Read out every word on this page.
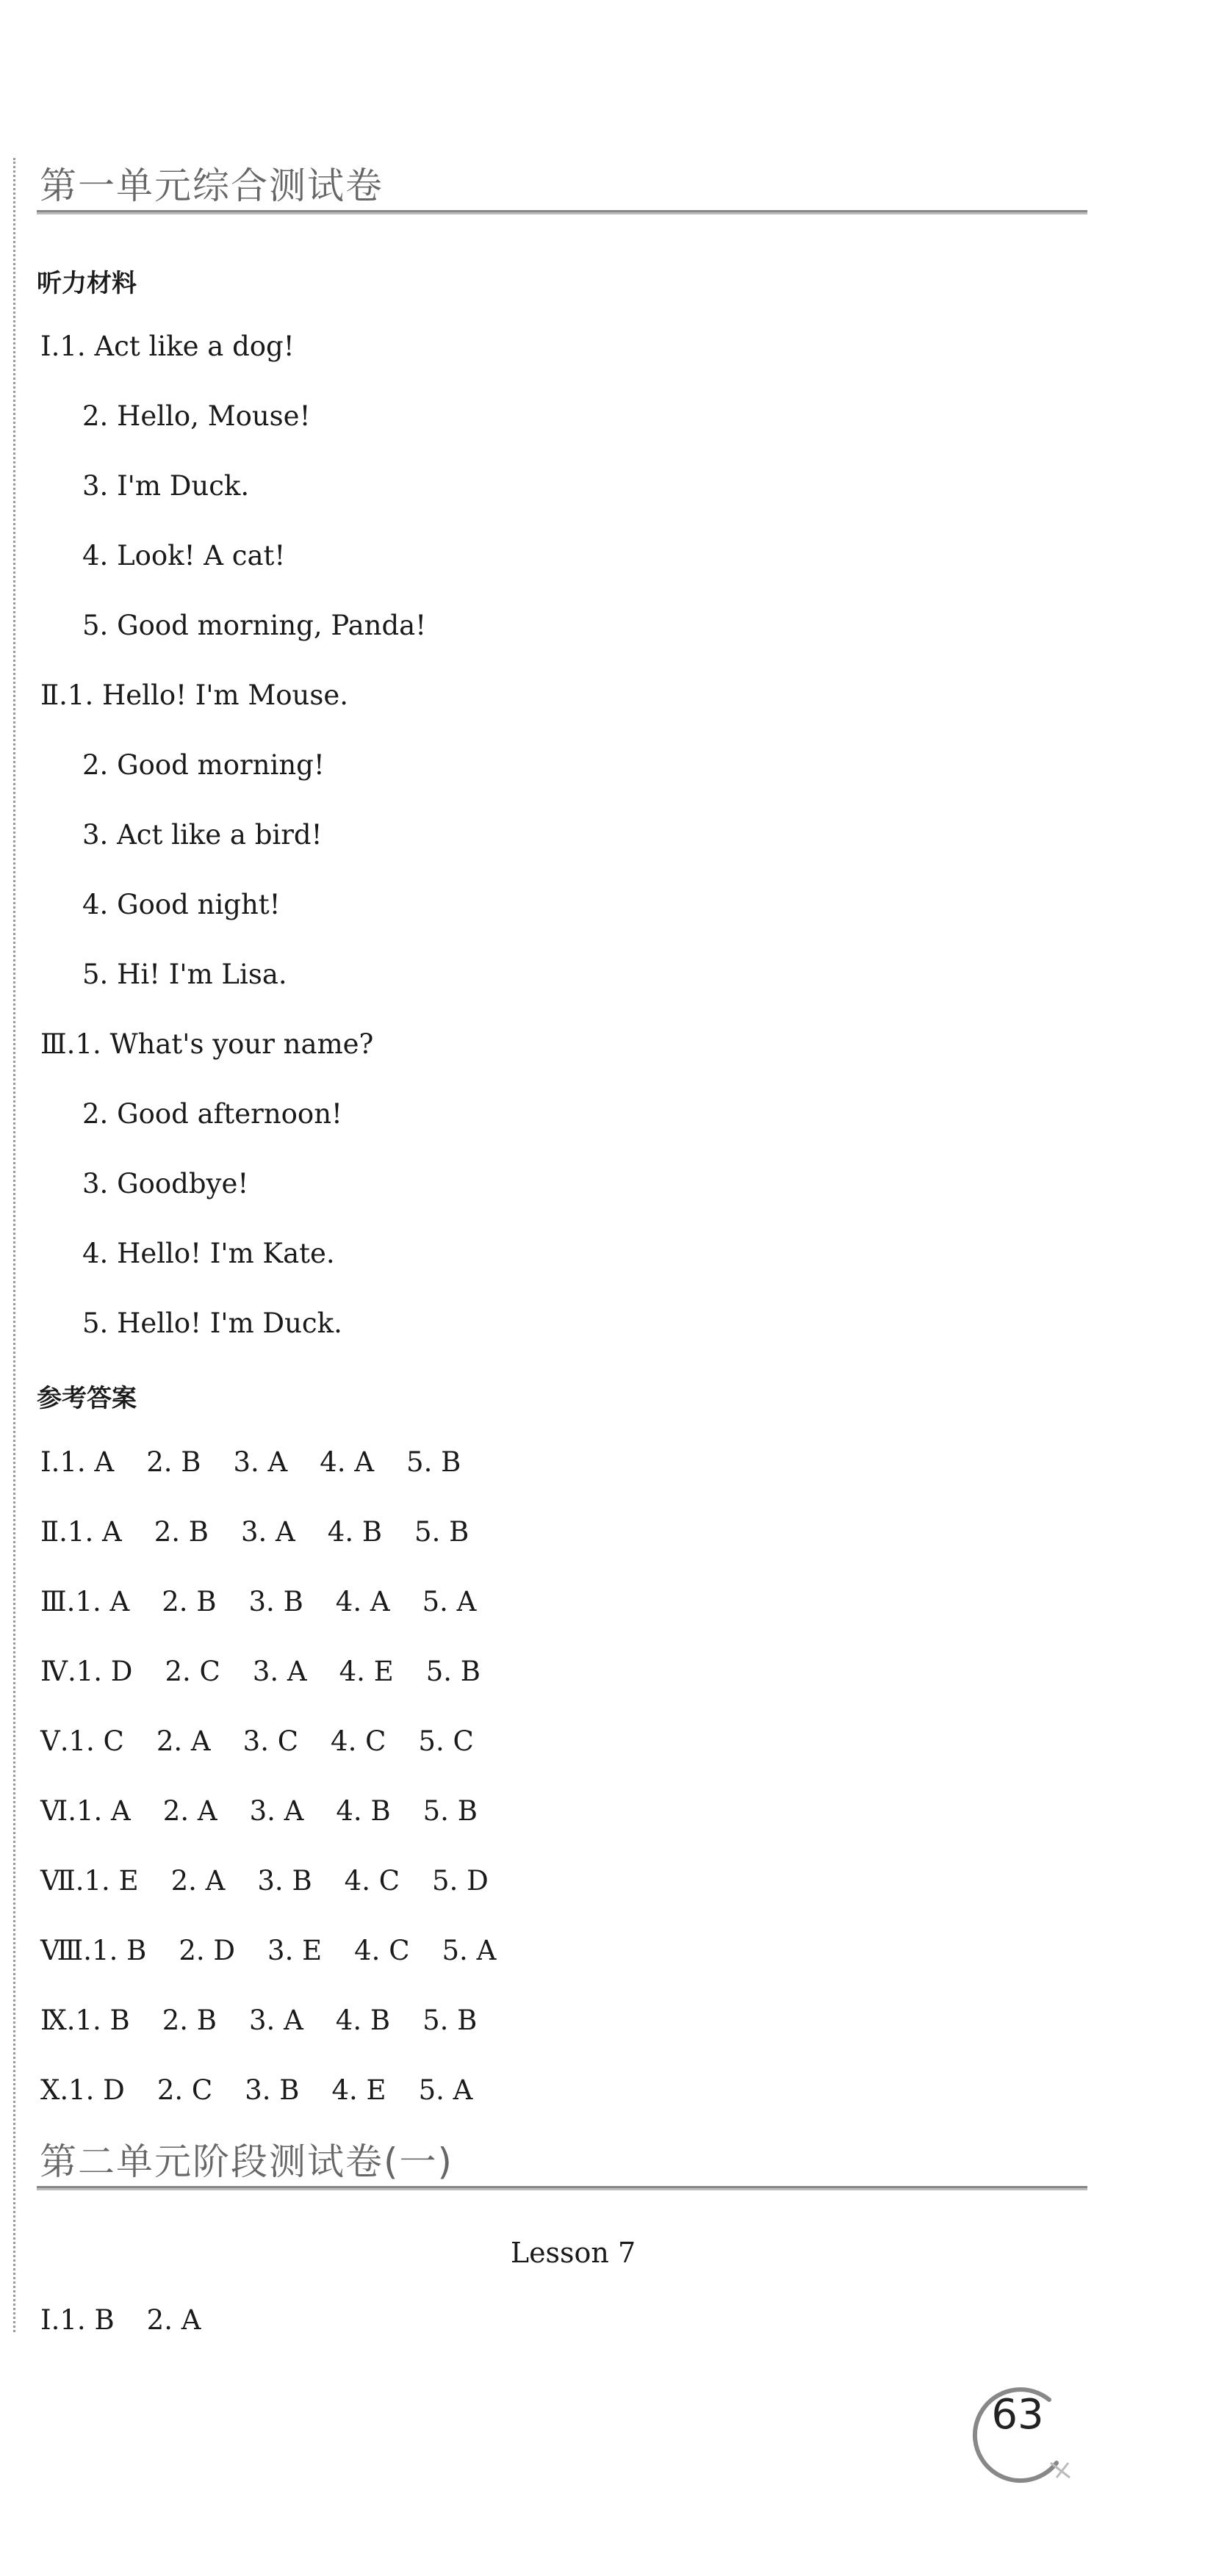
第一单元综合测试卷
听力材料
Ⅰ.1. Act like a dog!
2. Hello, Mouse!
3. I'm Duck.
4. Look! A cat!
5. Good morning, Panda!
Ⅱ.1. Hello! I'm Mouse.
2. Good morning!
3. Act like a bird!
4. Good night!
5. Hi! I'm Lisa.
Ⅲ.1. What's your name?
2. Good afternoon!
3. Goodbye!
4. Hello! I'm Kate.
5. Hello! I'm Duck.
参考答案
Ⅰ.1. A 2. B 3. A 4. A 5. B
Ⅱ.1. A 2. B 3. A 4. B 5. B
Ⅲ.1. A 2. B 3. B 4. A 5. A
Ⅳ.1. D 2. C 3. A 4. E 5. B
Ⅴ.1. C 2. A 3. C 4. C 5. C
Ⅵ.1. A 2. A 3. A 4. B 5. B
Ⅶ.1. E 2. A 3. B 4. C 5. D
Ⅷ.1. B 2. D 3. E 4. C 5. A
Ⅸ.1. B 2. B 3. A 4. B 5. B
Ⅹ.1. D 2. C 3. B 4. E 5. A
第二单元阶段测试卷(一)
Lesson 7
Ⅰ.1. B 2. A
63
